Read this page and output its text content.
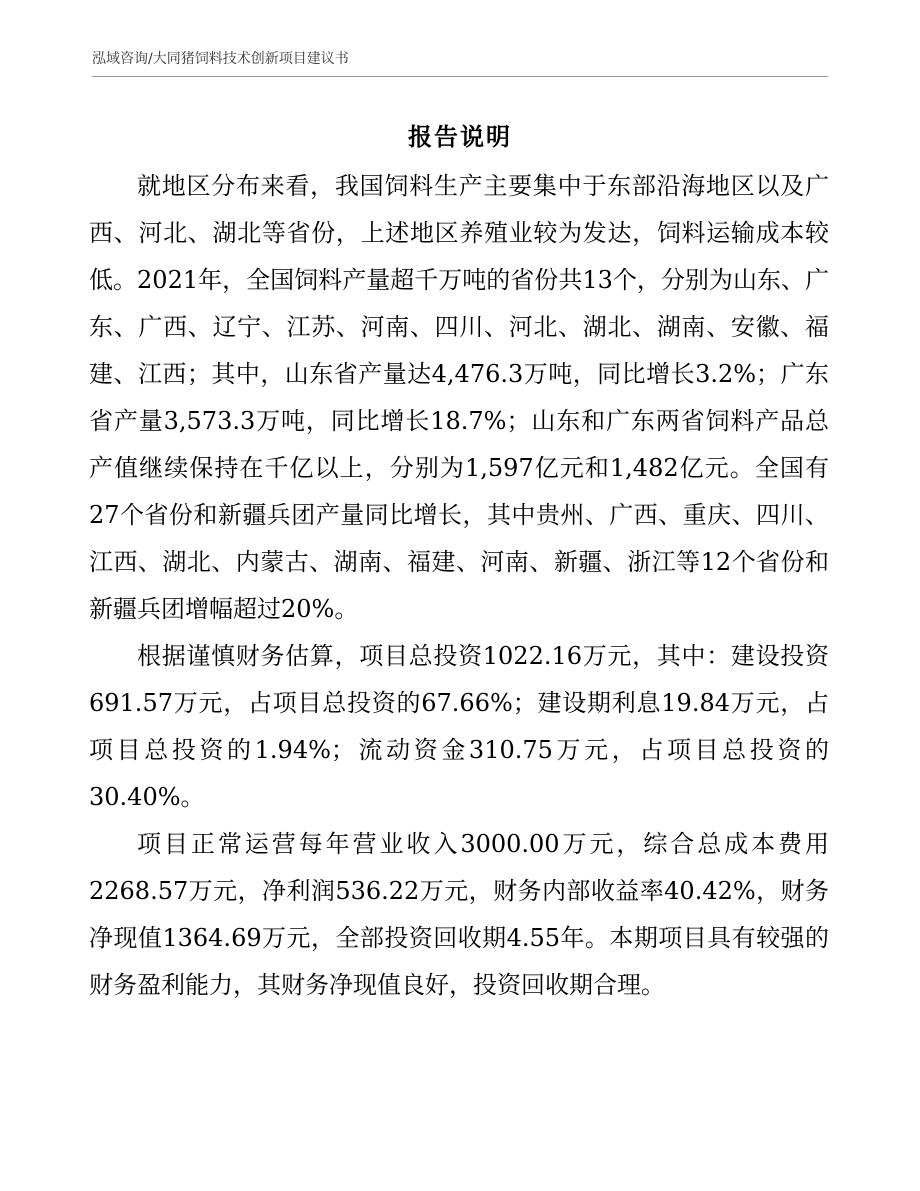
泓域咨询/大同猪饲料技术创新项目建议书
报告说明

就地区分布来看，我国饲料生产主要集中于东部沿海地区以及广西、河北、湖北等省份，上述地区养殖业较为发达，饲料运输成本较低。2021年，全国饲料产量超千万吨的省份共13个，分别为山东、广东、广西、辽宁、江苏、河南、四川、河北、湖北、湖南、安徽、福建、江西；其中，山东省产量达4,476.3万吨，同比增长3.2%；广东省产量3,573.3万吨，同比增长18.7%；山东和广东两省饲料产品总产值继续保持在千亿以上，分别为1,597亿元和1,482亿元。全国有27个省份和新疆兵团产量同比增长，其中贵州、广西、重庆、四川、江西、湖北、内蒙古、湖南、福建、河南、新疆、浙江等12个省份和新疆兵团增幅超过20%。

根据谨慎财务估算，项目总投资1022.16万元，其中：建设投资691.57万元，占项目总投资的67.66%；建设期利息19.84万元，占项目总投资的1.94%；流动资金310.75万元，占项目总投资的30.40%。

项目正常运营每年营业收入3000.00万元，综合总成本费用2268.57万元，净利润536.22万元，财务内部收益率40.42%，财务净现值1364.69万元，全部投资回收期4.55年。本期项目具有较强的财务盈利能力，其财务净现值良好，投资回收期合理。
